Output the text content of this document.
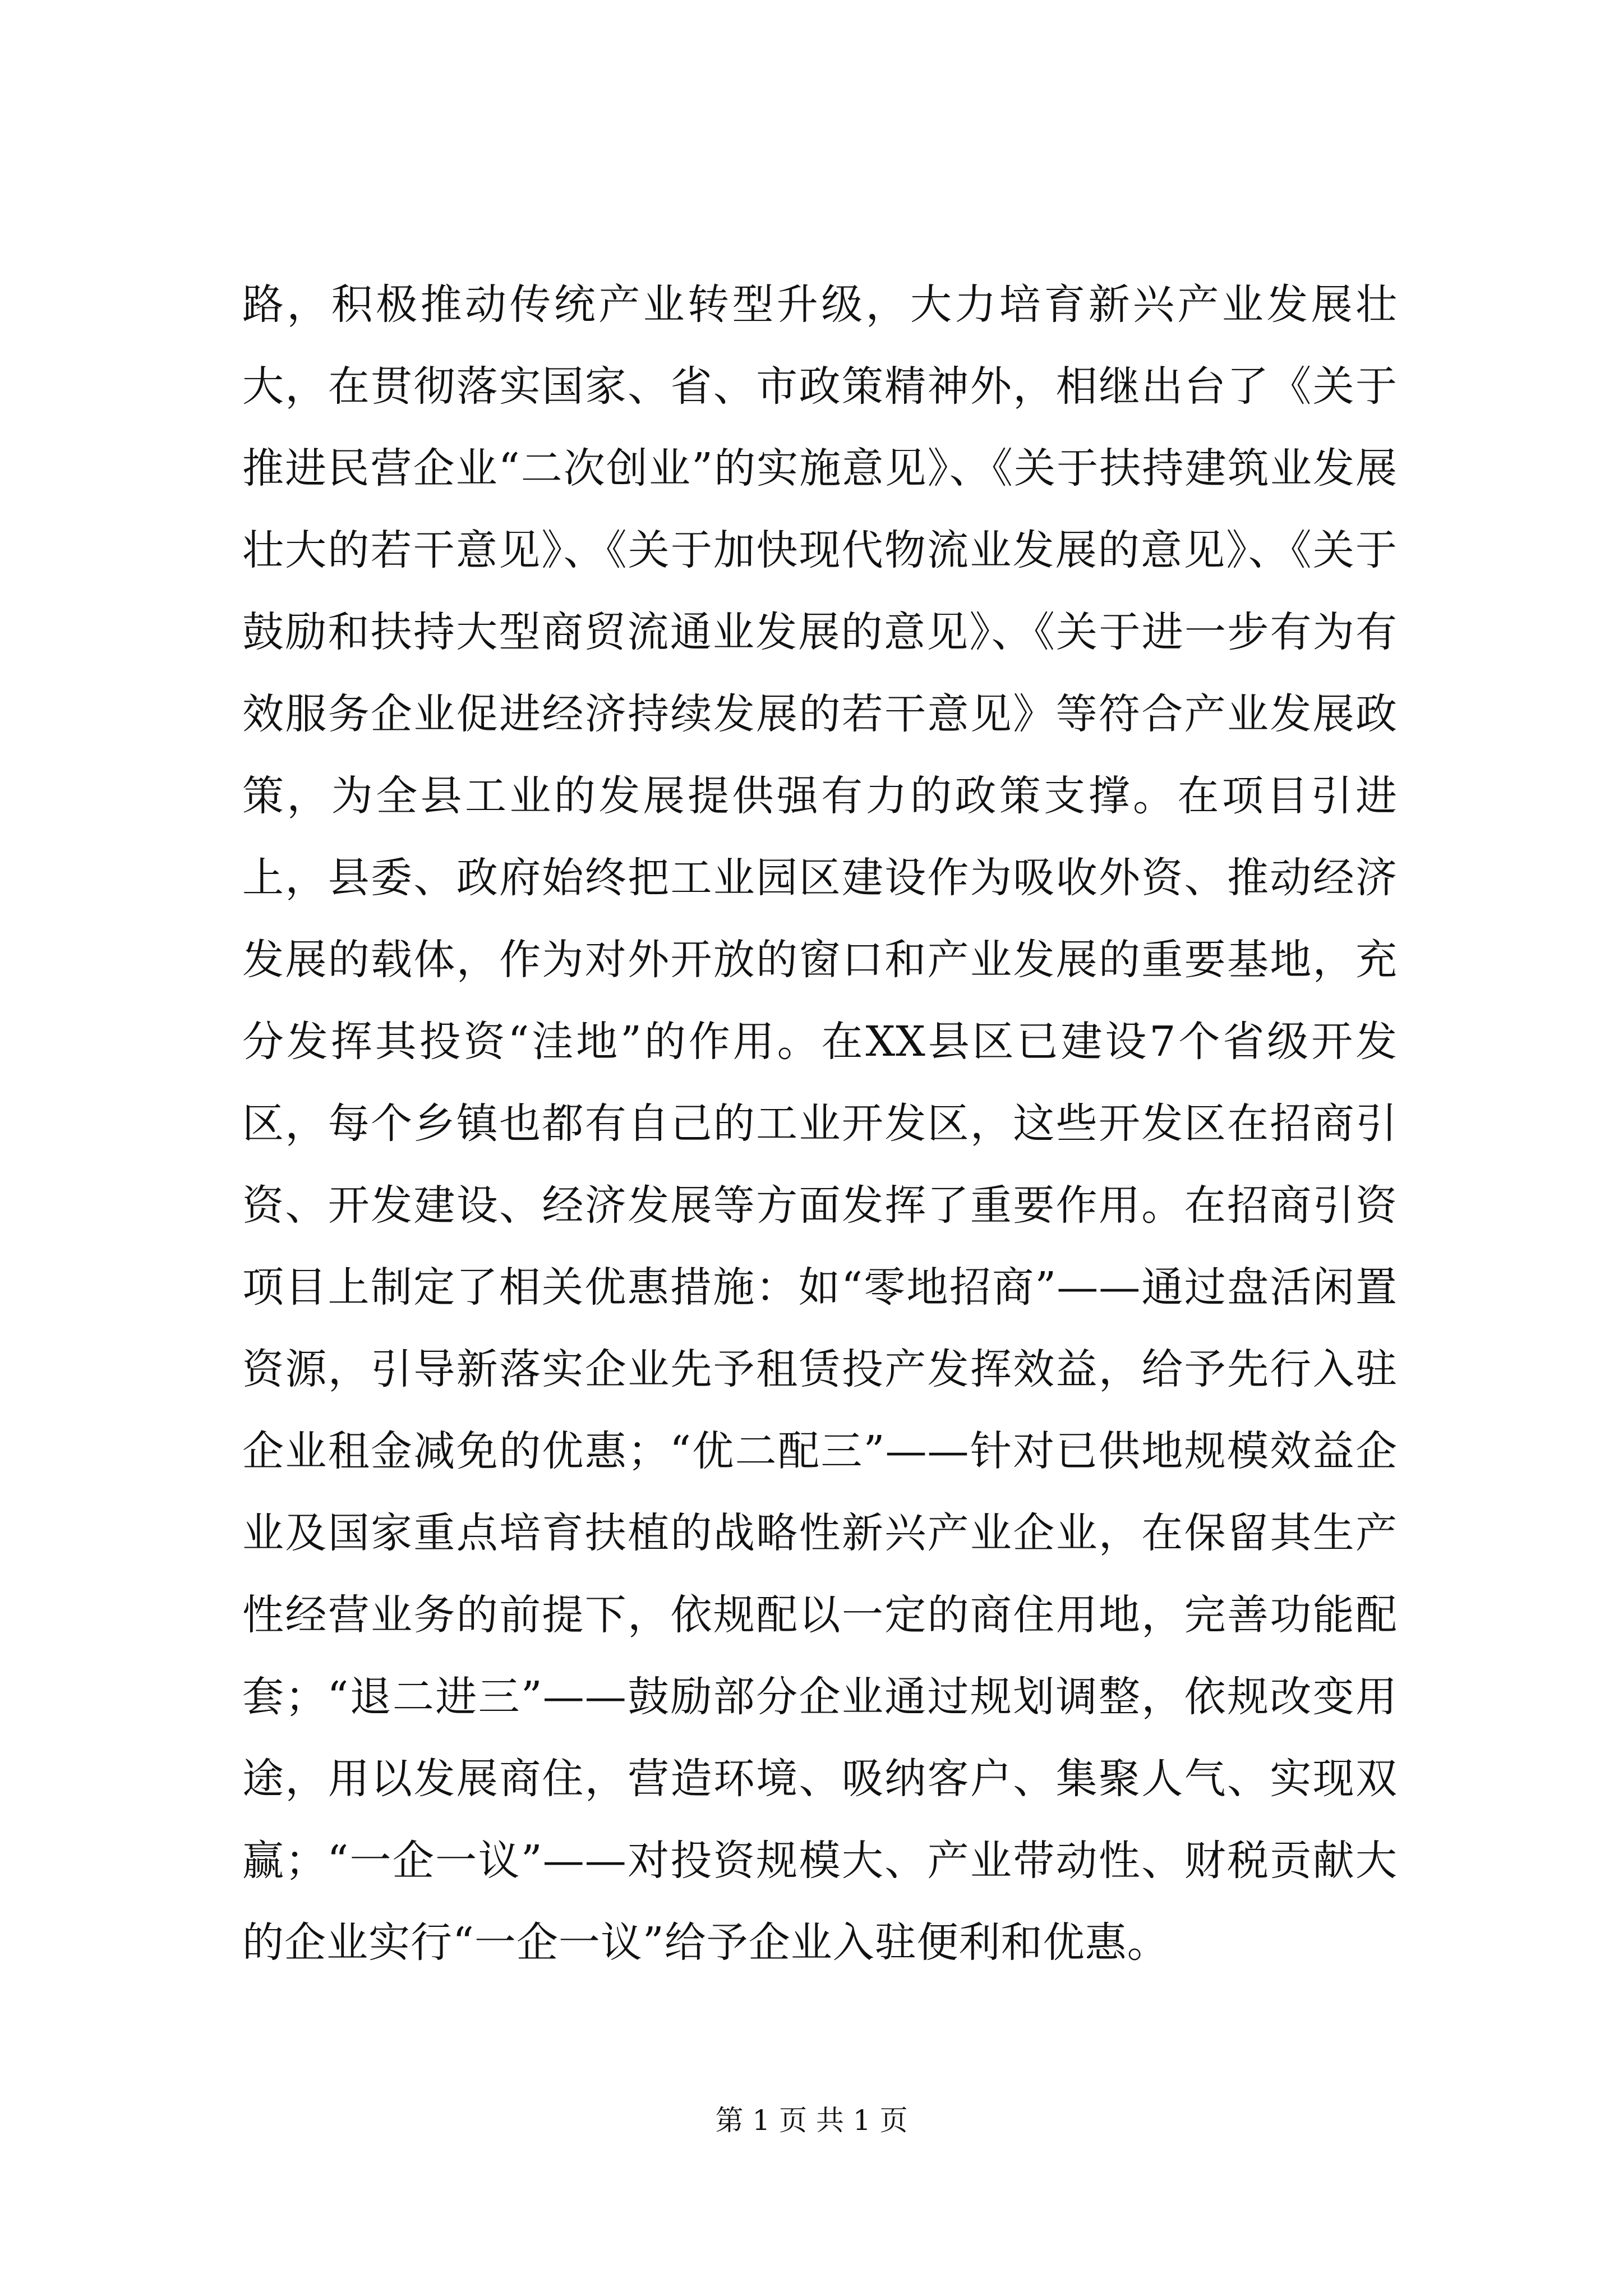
路，积极推动传统产业转型升级，大力培育新兴产业发展壮大，在贯彻落实国家、省、市政策精神外，相继出台了《关于推进民营企业“二次创业”的实施意见》、《关于扶持建筑业发展壮大的若干意见》、《关于加快现代物流业发展的意见》、《关于鼓励和扶持大型商贸流通业发展的意见》、《关于进一步有为有效服务企业促进经济持续发展的若干意见》等符合产业发展政策，为全县工业的发展提供强有力的政策支撑。在项目引进上，县委、政府始终把工业园区建设作为吸收外资、推动经济发展的载体，作为对外开放的窗口和产业发展的重要基地，充分发挥其投资“洼地”的作用。在XX县区已建设7个省级开发区，每个乡镇也都有自己的工业开发区，这些开发区在招商引资、开发建设、经济发展等方面发挥了重要作用。在招商引资项目上制定了相关优惠措施：如“零地招商”——通过盘活闲置资源，引导新落实企业先予租赁投产发挥效益，给予先行入驻企业租金减免的优惠；“优二配三”——针对已供地规模效益企业及国家重点培育扶植的战略性新兴产业企业，在保留其生产性经营业务的前提下，依规配以一定的商住用地，完善功能配套；“退二进三”——鼓励部分企业通过规划调整，依规改变用途，用以发展商住，营造环境、吸纳客户、集聚人气、实现双赢；“一企一议”——对投资规模大、产业带动性、财税贡献大的企业实行“一企一议”给予企业入驻便利和优惠。

第 1 页 共 1 页
